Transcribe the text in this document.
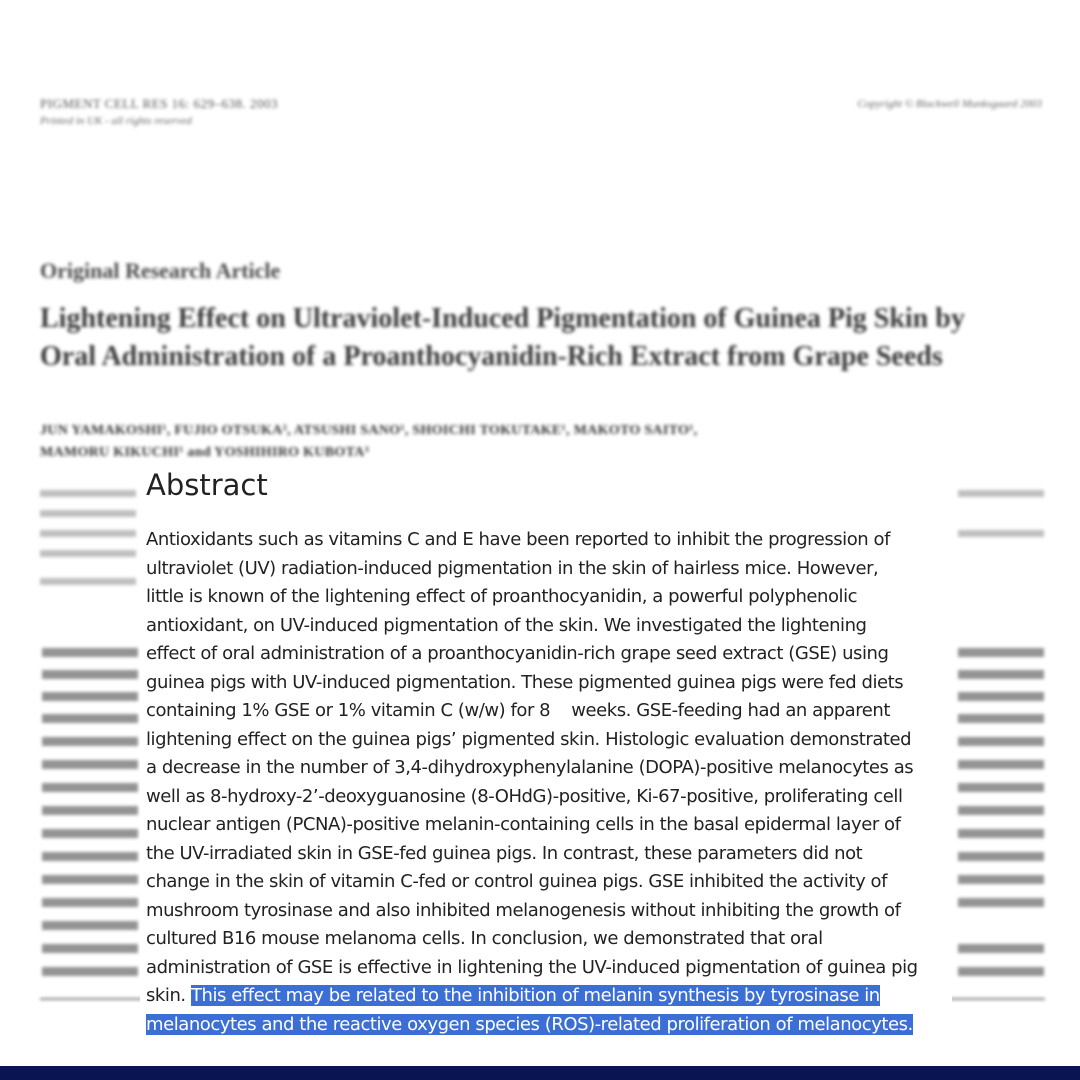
PIGMENT CELL RES 16: 629–638. 2003
Printed in UK - all rights reserved
Copyright © Blackwell Munksgaard 2003
Original Research Article
Lightening Effect on Ultraviolet-Induced Pigmentation of Guinea Pig Skin by
Oral Administration of a Proanthocyanidin-Rich Extract from Grape Seeds
JUN YAMAKOSHI¹, FUJIO OTSUKA², ATSUSHI SANO¹, SHOICHI TOKUTAKE¹, MAKOTO SAITO¹,
MAMORU KIKUCHI¹ and YOSHIHIRO KUBOTA³
Abstract
Antioxidants such as vitamins C and E have been reported to inhibit the progression of
ultraviolet (UV) radiation-induced pigmentation in the skin of hairless mice. However,
little is known of the lightening effect of proanthocyanidin, a powerful polyphenolic
antioxidant, on UV-induced pigmentation of the skin. We investigated the lightening
effect of oral administration of a proanthocyanidin-rich grape seed extract (GSE) using
guinea pigs with UV-induced pigmentation. These pigmented guinea pigs were fed diets
containing 1% GSE or 1% vitamin C (w/w) for 8    weeks. GSE-feeding had an apparent
lightening effect on the guinea pigs’ pigmented skin. Histologic evaluation demonstrated
a decrease in the number of 3,4-dihydroxyphenylalanine (DOPA)-positive melanocytes as
well as 8-hydroxy-2’-deoxyguanosine (8-OHdG)-positive, Ki-67-positive, proliferating cell
nuclear antigen (PCNA)-positive melanin-containing cells in the basal epidermal layer of
the UV-irradiated skin in GSE-fed guinea pigs. In contrast, these parameters did not
change in the skin of vitamin C-fed or control guinea pigs. GSE inhibited the activity of
mushroom tyrosinase and also inhibited melanogenesis without inhibiting the growth of
cultured B16 mouse melanoma cells. In conclusion, we demonstrated that oral
administration of GSE is effective in lightening the UV-induced pigmentation of guinea pig
skin. This effect may be related to the inhibition of melanin synthesis by tyrosinase in
melanocytes and the reactive oxygen species (ROS)-related proliferation of melanocytes.
